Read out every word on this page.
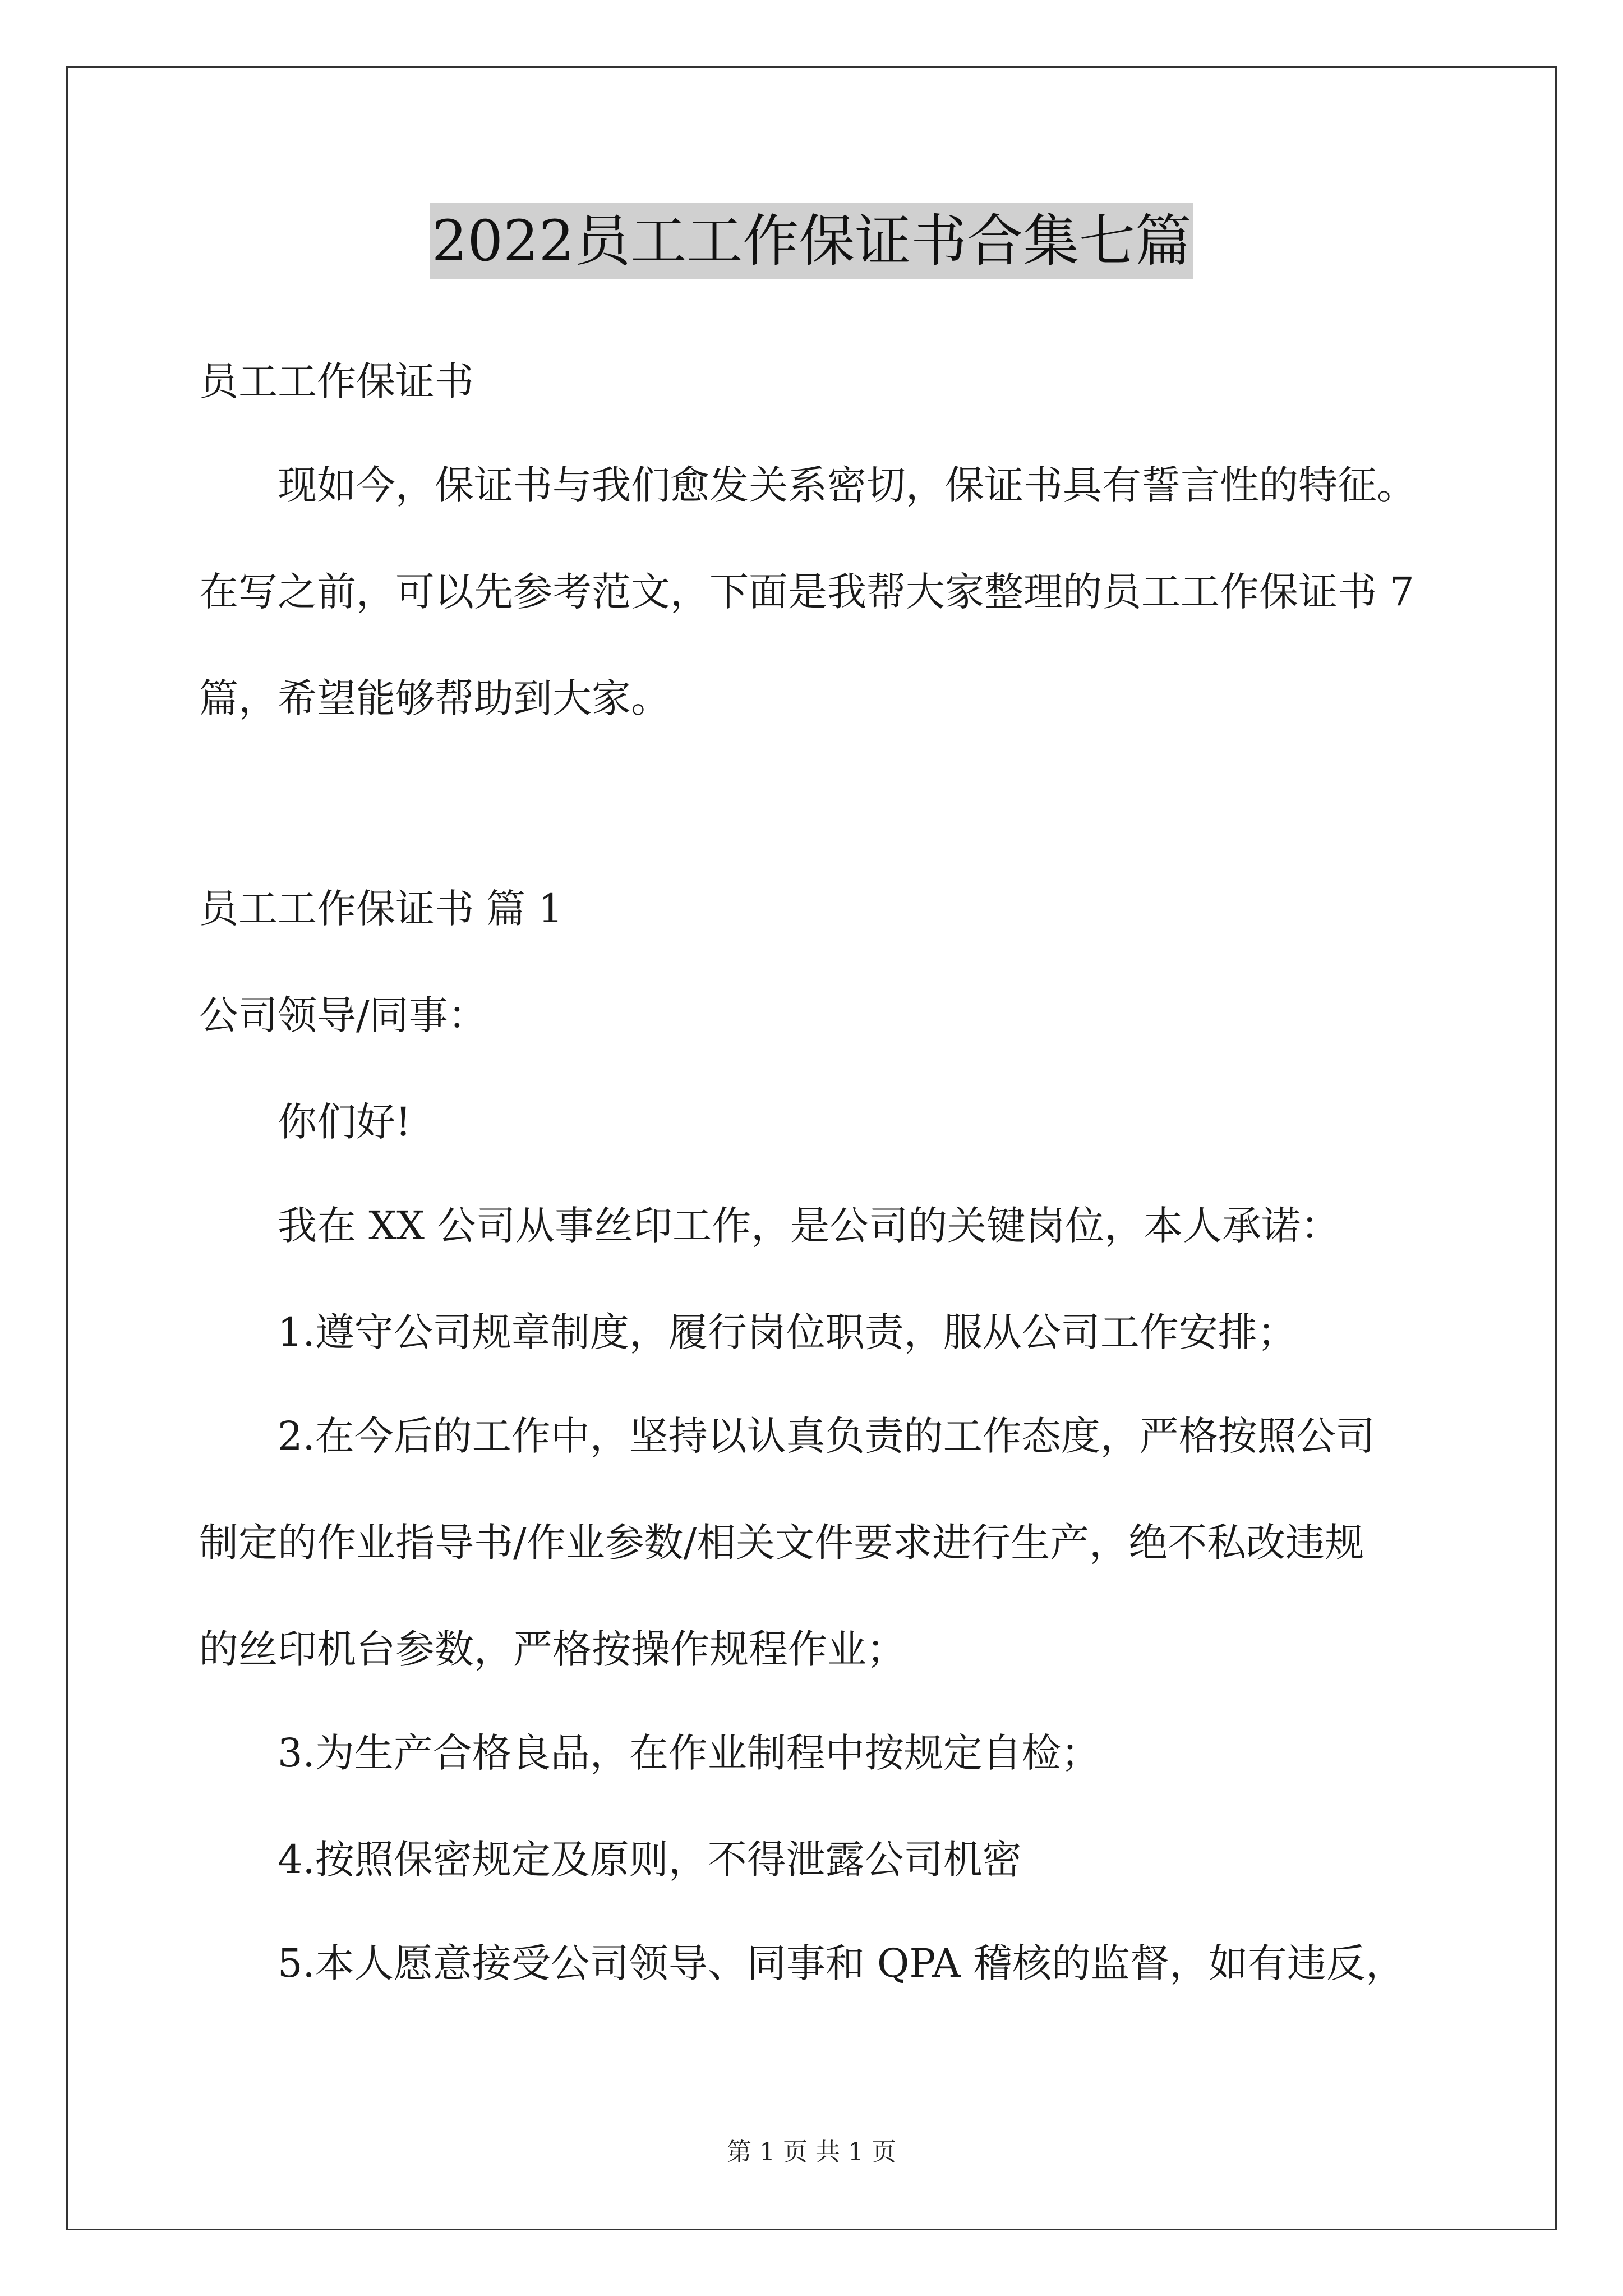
2022员工工作保证书合集七篇
员工工作保证书
现如今，保证书与我们愈发关系密切，保证书具有誓言性的特征。
在写之前，可以先参考范文，下面是我帮大家整理的员工工作保证书 7
篇，希望能够帮助到大家。
员工工作保证书 篇 1
公司领导/同事：
你们好!
我在 XX 公司从事丝印工作，是公司的关键岗位，本人承诺：
1.遵守公司规章制度，履行岗位职责，服从公司工作安排；
2.在今后的工作中，坚持以认真负责的工作态度，严格按照公司
制定的作业指导书/作业参数/相关文件要求进行生产，绝不私改违规
的丝印机台参数，严格按操作规程作业；
3.为生产合格良品，在作业制程中按规定自检；
4.按照保密规定及原则，不得泄露公司机密
5.本人愿意接受公司领导、同事和 QPA 稽核的监督，如有违反，
第 1 页 共 1 页
